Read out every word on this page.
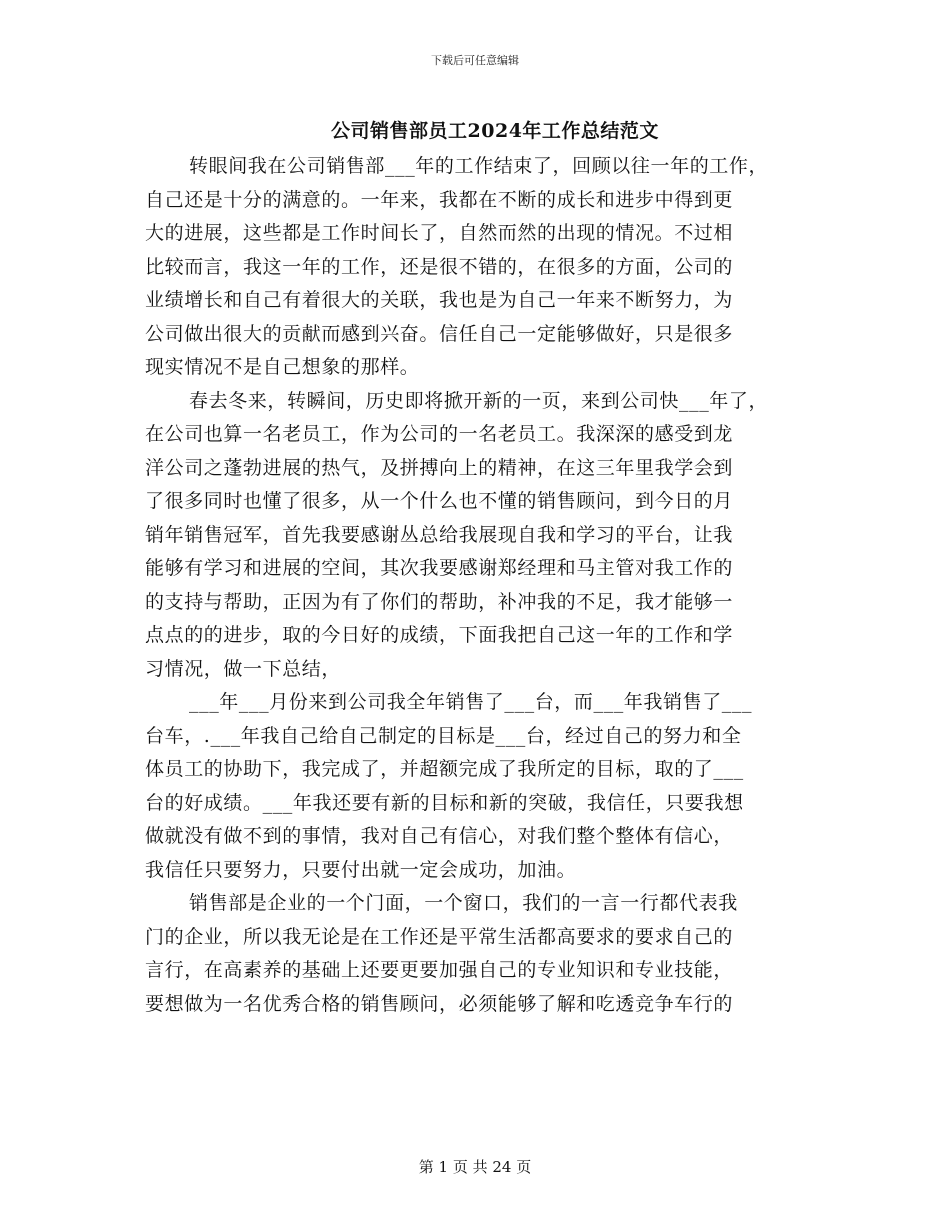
下载后可任意编辑
公司销售部员工2024年工作总结范文
转眼间我在公司销售部___年的工作结束了，回顾以往一年的工作，
自己还是十分的满意的。一年来，我都在不断的成长和进步中得到更
大的进展，这些都是工作时间长了，自然而然的出现的情况。不过相
比较而言，我这一年的工作，还是很不错的，在很多的方面，公司的
业绩增长和自己有着很大的关联，我也是为自己一年来不断努力，为
公司做出很大的贡献而感到兴奋。信任自己一定能够做好，只是很多
现实情况不是自己想象的那样。
春去冬来，转瞬间，历史即将掀开新的一页，来到公司快___年了，
在公司也算一名老员工，作为公司的一名老员工。我深深的感受到龙
洋公司之蓬勃进展的热气，及拼搏向上的精神，在这三年里我学会到
了很多同时也懂了很多，从一个什么也不懂的销售顾问，到今日的月
销年销售冠军，首先我要感谢丛总给我展现自我和学习的平台，让我
能够有学习和进展的空间，其次我要感谢郑经理和马主管对我工作的
的支持与帮助，正因为有了你们的帮助，补冲我的不足，我才能够一
点点的的进步，取的今日好的成绩，下面我把自己这一年的工作和学
习情况，做一下总结，
___年___月份来到公司我全年销售了___台，而___年我销售了___
台车，.___年我自己给自己制定的目标是___台，经过自己的努力和全
体员工的协助下，我完成了，并超额完成了我所定的目标，取的了___
台的好成绩。___年我还要有新的目标和新的突破，我信任，只要我想
做就没有做不到的事情，我对自己有信心，对我们整个整体有信心，
我信任只要努力，只要付出就一定会成功，加油。
销售部是企业的一个门面，一个窗口，我们的一言一行都代表我
门的企业，所以我无论是在工作还是平常生活都高要求的要求自己的
言行，在高素养的基础上还要更要加强自己的专业知识和专业技能，
要想做为一名优秀合格的销售顾问，必须能够了解和吃透竞争车行的
第 1 页 共 24 页
